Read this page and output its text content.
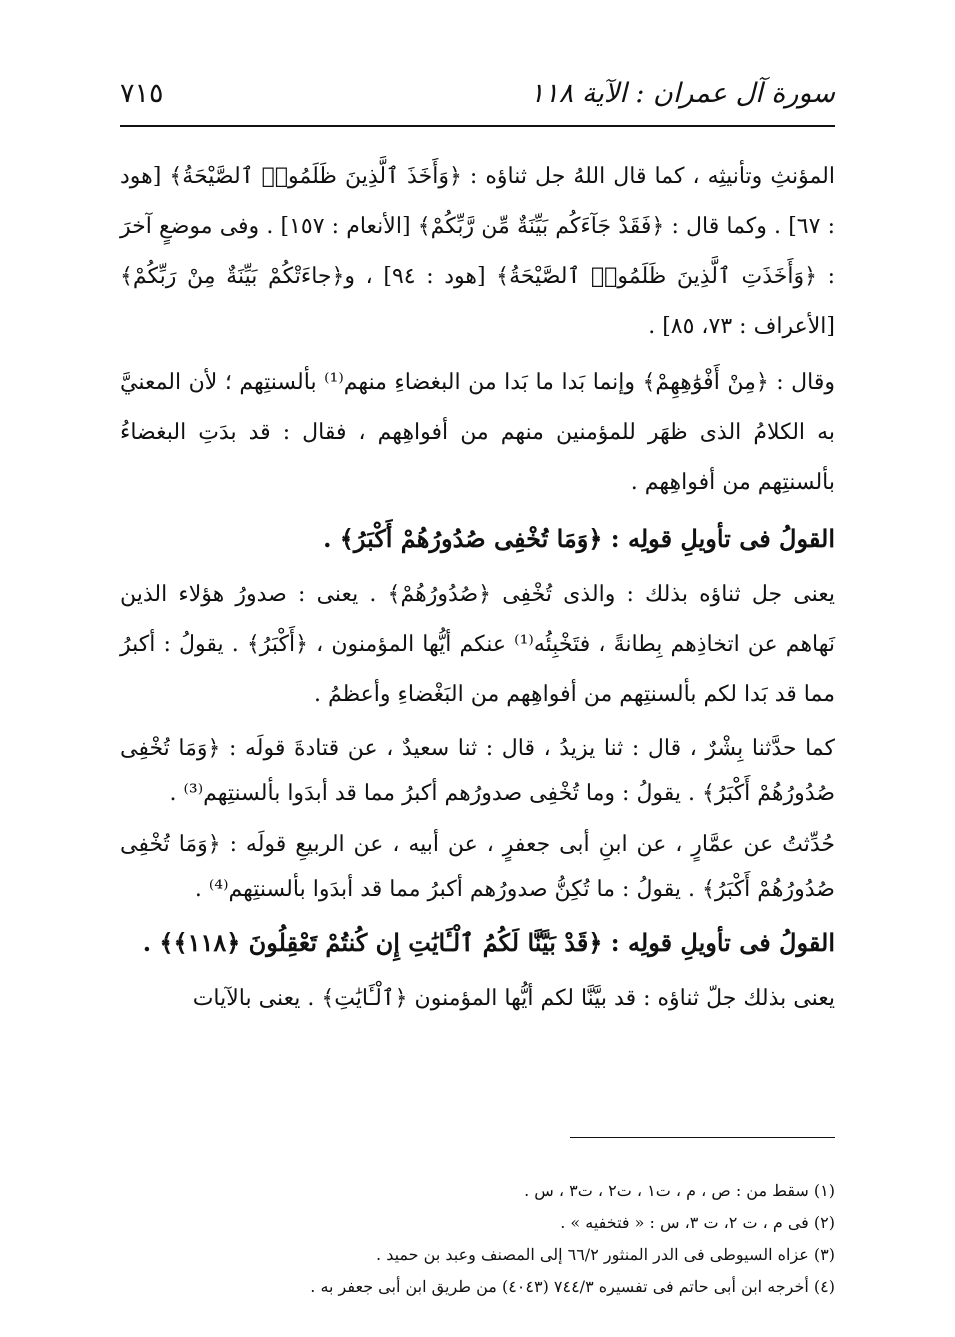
سورة آل عمران : الآية ١١٨
٧١٥

المؤنثِ وتأنيثِه ، كما قال اللهُ جل ثناؤه : ﴿وَأَخَذَ ٱلَّذِينَ ظَلَمُوا۟ ٱلصَّيْحَةُ﴾ [هود : ٦٧] . وكما قال : ﴿فَقَدْ جَآءَكُم بَيِّنَةٌ مِّن رَّبِّكُمْ﴾ [الأنعام : ١٥٧] . وفى موضعٍ آخرَ : ﴿وَأَخَذَتِ ٱلَّذِينَ ظَلَمُوا۟ ٱلصَّيْحَةُ﴾ [هود : ٩٤] ، و﴿جاءَتْكُمْ بَيِّنَةٌ مِنْ رَبِّكُمْ﴾ [الأعراف : ٧٣، ٨٥] .

وقال : ﴿مِنْ أَفْوَٰهِهِمْ﴾ وإنما بَدا ما بَدا من البغضاءِ منهم⁽¹⁾ بألسنتِهم ؛ لأن المعنيَّ به الكلامُ الذى ظهَر للمؤمنين منهم من أفواهِهم ، فقال : قد بدَتِ البغضاءُ بألسنتِهم من أفواهِهم .

القولُ فى تأويلِ قولِه : ﴿وَمَا تُخْفِى صُدُورُهُمْ أَكْبَرُ﴾ .

يعنى جل ثناؤه بذلك : والذى تُخْفِى ﴿صُدُورُهُمْ﴾ . يعنى : صدورُ هؤلاء الذين نَهاهم عن اتخاذِهم بِطانةً ، فتَخْبِئُه⁽¹⁾ عنكم أيُّها المؤمنون ، ﴿أَكْبَرُ﴾ . يقولُ : أكبرُ مما قد بَدا لكم بألسنتِهم من أفواهِهم من البَغْضاءِ وأعظمُ .

كما حدَّثنا بِشْرٌ ، قال : ثنا يزيدُ ، قال : ثنا سعيدٌ ، عن قتادةَ قولَه : ﴿وَمَا تُخْفِى صُدُورُهُمْ أَكْبَرُ﴾ . يقولُ : وما تُخْفِى صدورُهم أكبرُ مما قد أبدَوا بألسنتِهم⁽³⁾ .

حُدِّثتُ عن عمَّارٍ ، عن ابنِ أبى جعفرٍ ، عن أبيه ، عن الربيعِ قولَه : ﴿وَمَا تُخْفِى صُدُورُهُمْ أَكْبَرُ﴾ . يقولُ : ما تُكِنُّ صدورُهم أكبرُ مما قد أبدَوا بألسنتِهم⁽⁴⁾ .

القولُ فى تأويلِ قولِه : ﴿قَدْ بَيَّنَّا لَكُمُ ٱلْـَٔايَٰتِ إِن كُنتُمْ تَعْقِلُونَ ﴿١١٨﴾﴾ .

يعنى بذلك جلّ ثناؤه : قد بيَّنَّا لكم أيُّها المؤمنون ﴿ٱلْـَٔايَٰتِ﴾ . يعنى بالآيات

(١) سقط من : ص ، م ، ت١ ، ت٢ ، ت٣ ، س .

(٢) فى م ، ت ٢، ت ٣، س : « فتخفيه » .

(٣) عزاه السيوطى فى الدر المنثور ٦٦/٢ إلى المصنف وعبد بن حميد .

(٤) أخرجه ابن أبى حاتم فى تفسيره ٧٤٤/٣ (٤٠٤٣) من طريق ابن أبى جعفر به .
